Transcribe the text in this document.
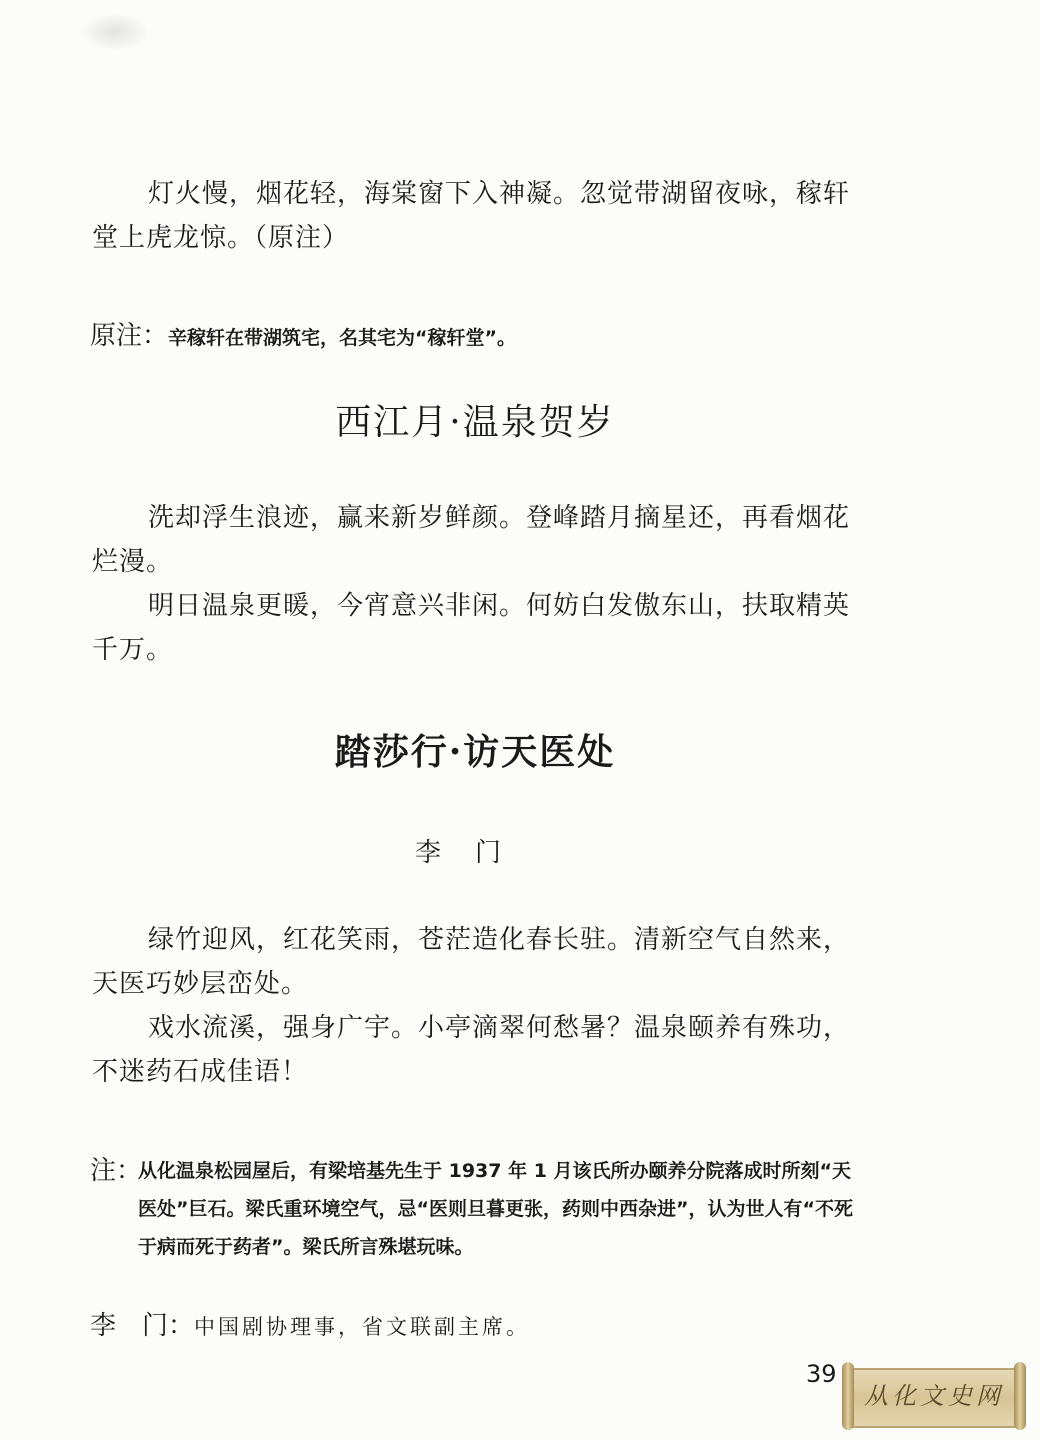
灯火慢，烟花轻，海棠窗下入神凝。忽觉带湖留夜咏，稼轩堂上虎龙惊。（原注）

原注：辛稼轩在带湖筑宅，名其宅为“稼轩堂”。

西江月·温泉贺岁

洗却浮生浪迹，赢来新岁鲜颜。登峰踏月摘星还，再看烟花烂漫。

明日温泉更暖，今宵意兴非闲。何妨白发傲东山，扶取精英千万。

踏莎行·访天医处

李门

绿竹迎风，红花笑雨，苍茫造化春长驻。清新空气自然来，天医巧妙层峦处。

戏水流溪，强身广宇。小亭滴翠何愁暑？温泉颐养有殊功，不迷药石成佳语！

注：
从化温泉松园屋后，有梁培基先生于 1937 年 1 月该氏所办颐养分院落成时所刻“天医处”巨石。梁氏重环境空气，忌“医则旦暮更张，药则中西杂进”，认为世人有“不死于病而死于药者”。梁氏所言殊堪玩味。

李　门：中国剧协理事，省文联副主席。

39

从化文史网
